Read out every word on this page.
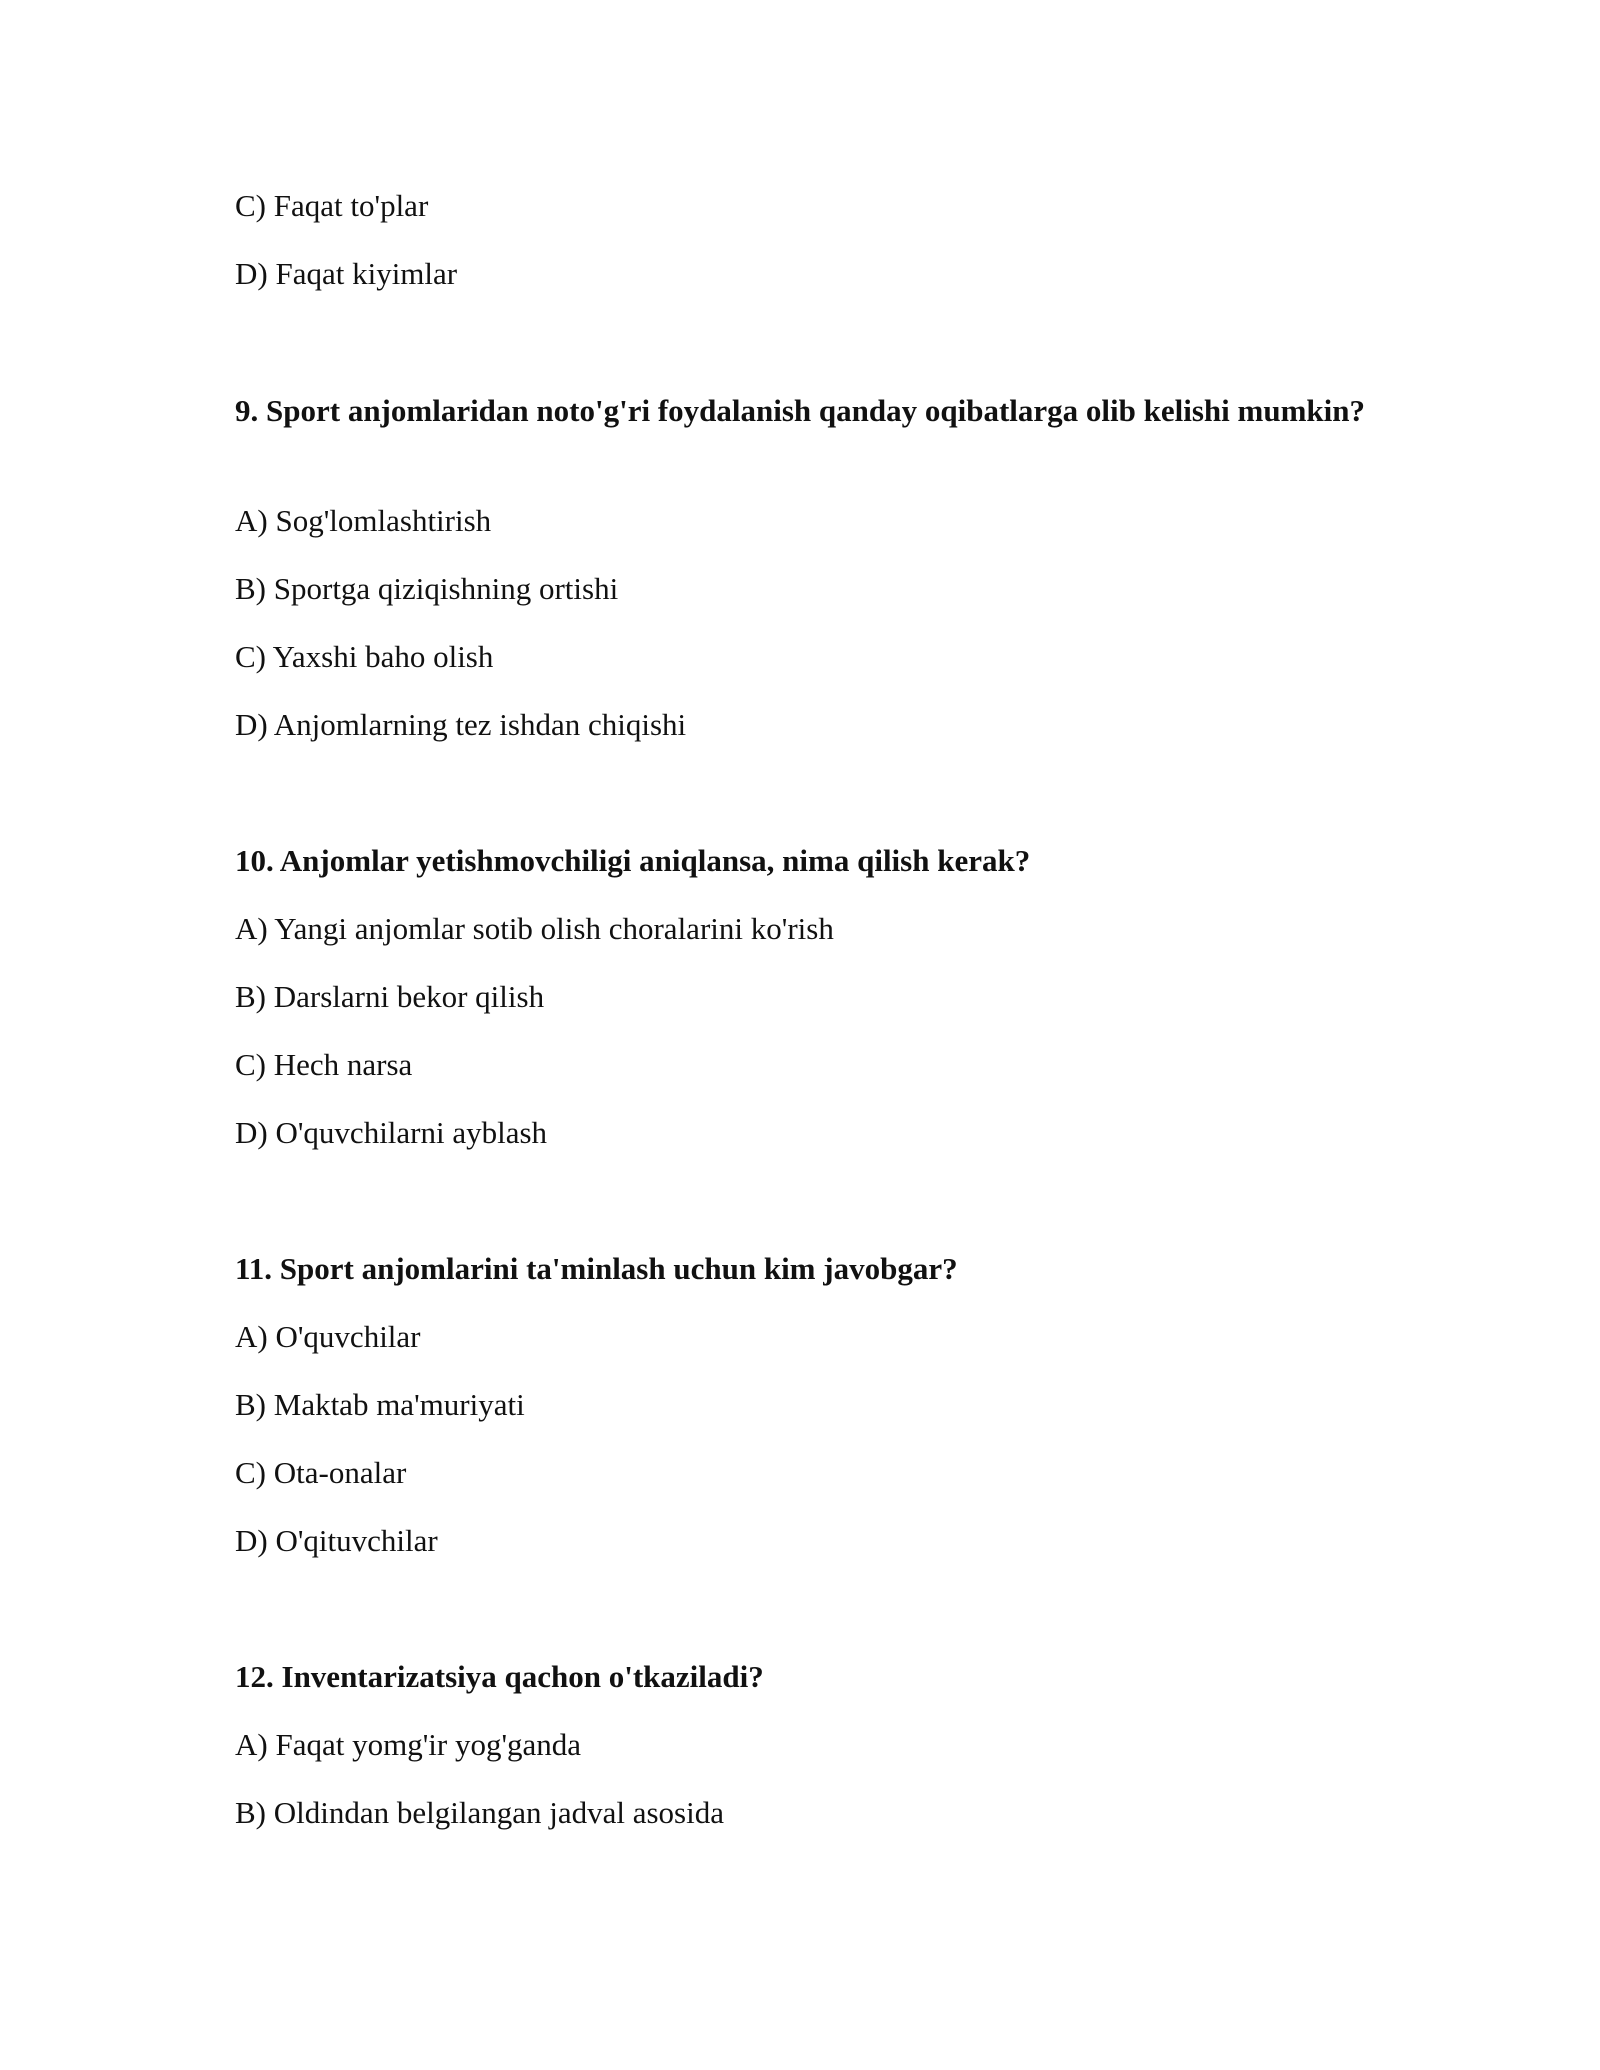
C) Faqat to'plar

D) Faqat kiyimlar

9. Sport anjomlaridan noto'g'ri foydalanish qanday oqibatlarga olib kelishi mumkin?

A) Sog'lomlashtirish

B) Sportga qiziqishning ortishi

C) Yaxshi baho olish

D) Anjomlarning tez ishdan chiqishi

10. Anjomlar yetishmovchiligi aniqlansa, nima qilish kerak?

A) Yangi anjomlar sotib olish choralarini ko'rish

B) Darslarni bekor qilish

C) Hech narsa

D) O'quvchilarni ayblash

11. Sport anjomlarini ta'minlash uchun kim javobgar?

A) O'quvchilar

B) Maktab ma'muriyati

C) Ota-onalar

D) O'qituvchilar

12. Inventarizatsiya qachon o'tkaziladi?

A) Faqat yomg'ir yog'ganda

B) Oldindan belgilangan jadval asosida
